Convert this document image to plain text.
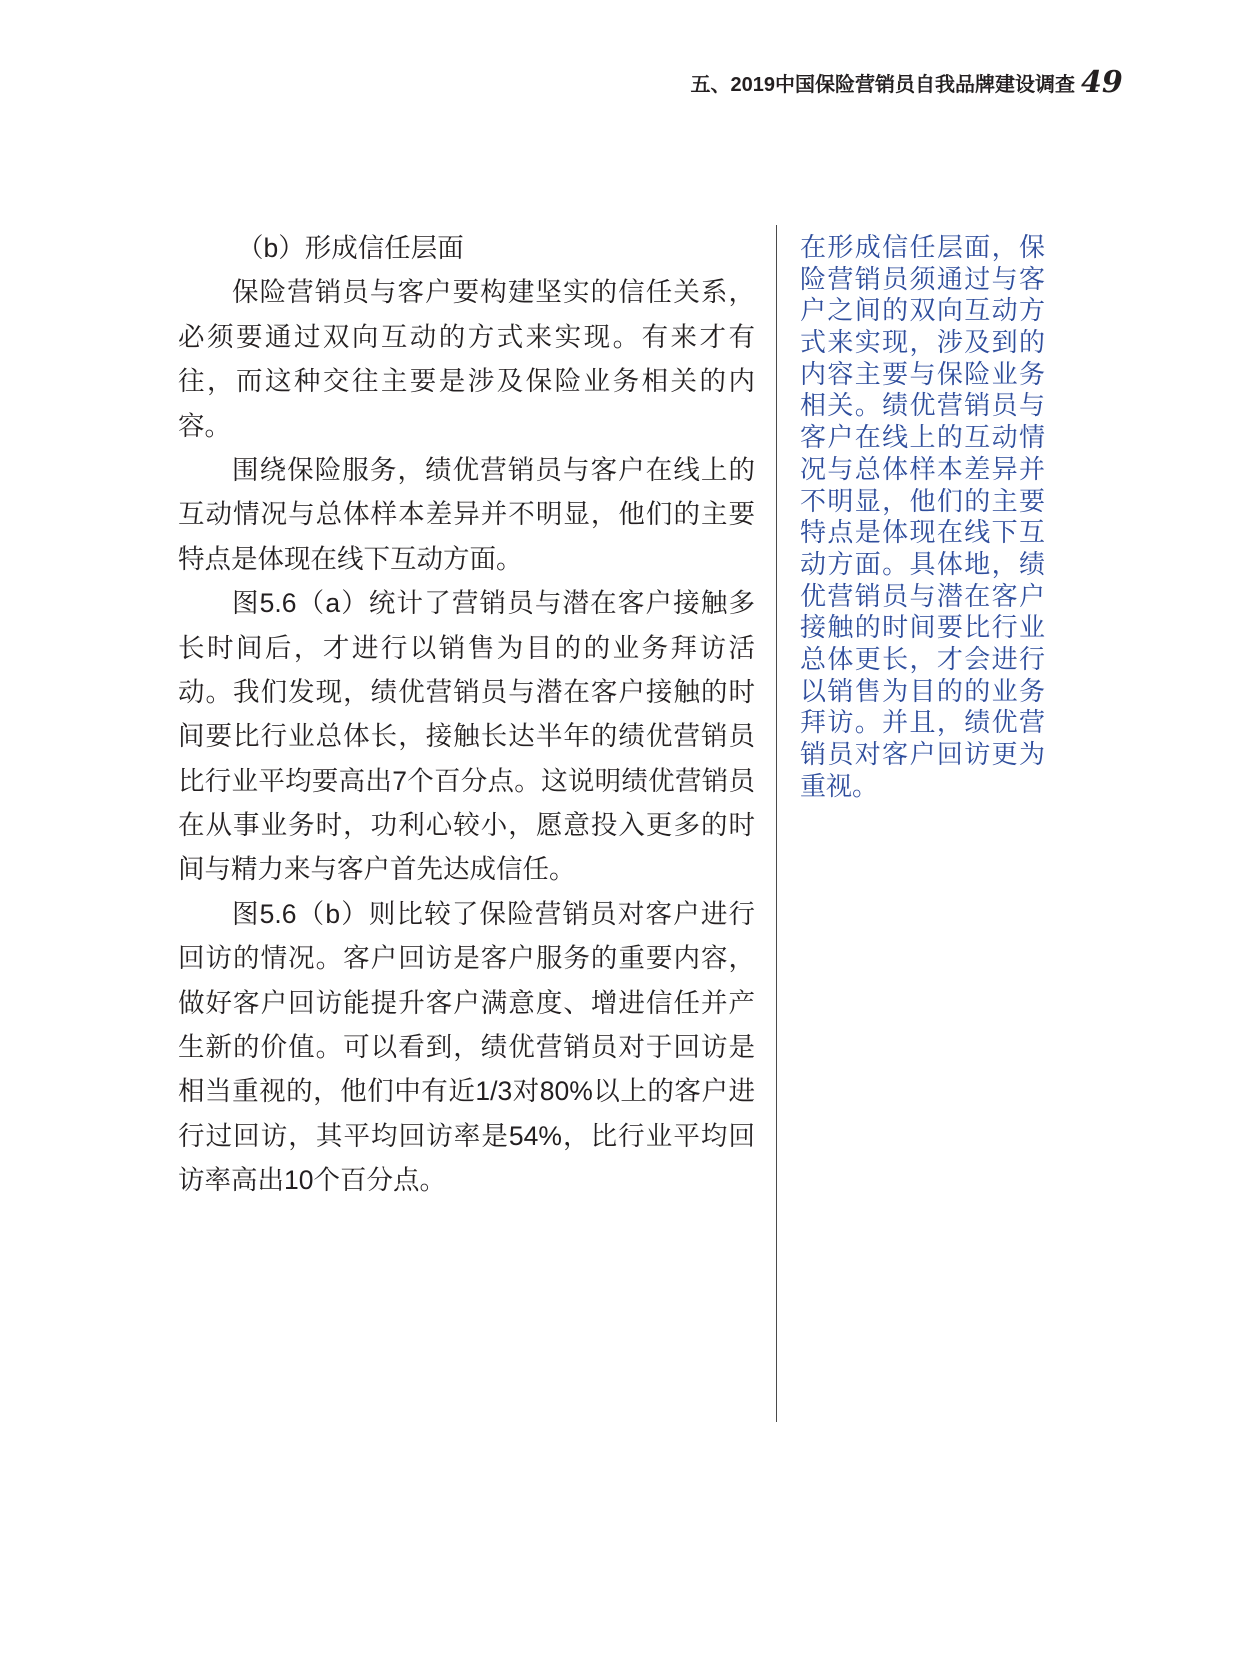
五、2019中国保险营销员自我品牌建设调查 49
（b）形成信任层面
保险营销员与客户要构建坚实的信任关系，
必须要通过双向互动的方式来实现。有来才有
往，而这种交往主要是涉及保险业务相关的内
容。
围绕保险服务，绩优营销员与客户在线上的
互动情况与总体样本差异并不明显，他们的主要
特点是体现在线下互动方面。
图5.6（a）统计了营销员与潜在客户接触多
长时间后，才进行以销售为目的的业务拜访活
动。我们发现，绩优营销员与潜在客户接触的时
间要比行业总体长，接触长达半年的绩优营销员
比行业平均要高出7个百分点。这说明绩优营销员
在从事业务时，功利心较小，愿意投入更多的时
间与精力来与客户首先达成信任。
图5.6（b）则比较了保险营销员对客户进行
回访的情况。客户回访是客户服务的重要内容，
做好客户回访能提升客户满意度、增进信任并产
生新的价值。可以看到，绩优营销员对于回访是
相当重视的，他们中有近1/3对80%以上的客户进
行过回访，其平均回访率是54%，比行业平均回
访率高出10个百分点。
在形成信任层面，保
险营销员须通过与客
户之间的双向互动方
式来实现，涉及到的
内容主要与保险业务
相关。绩优营销员与
客户在线上的互动情
况与总体样本差异并
不明显，他们的主要
特点是体现在线下互
动方面。具体地，绩
优营销员与潜在客户
接触的时间要比行业
总体更长，才会进行
以销售为目的的业务
拜访。并且，绩优营
销员对客户回访更为
重视。
